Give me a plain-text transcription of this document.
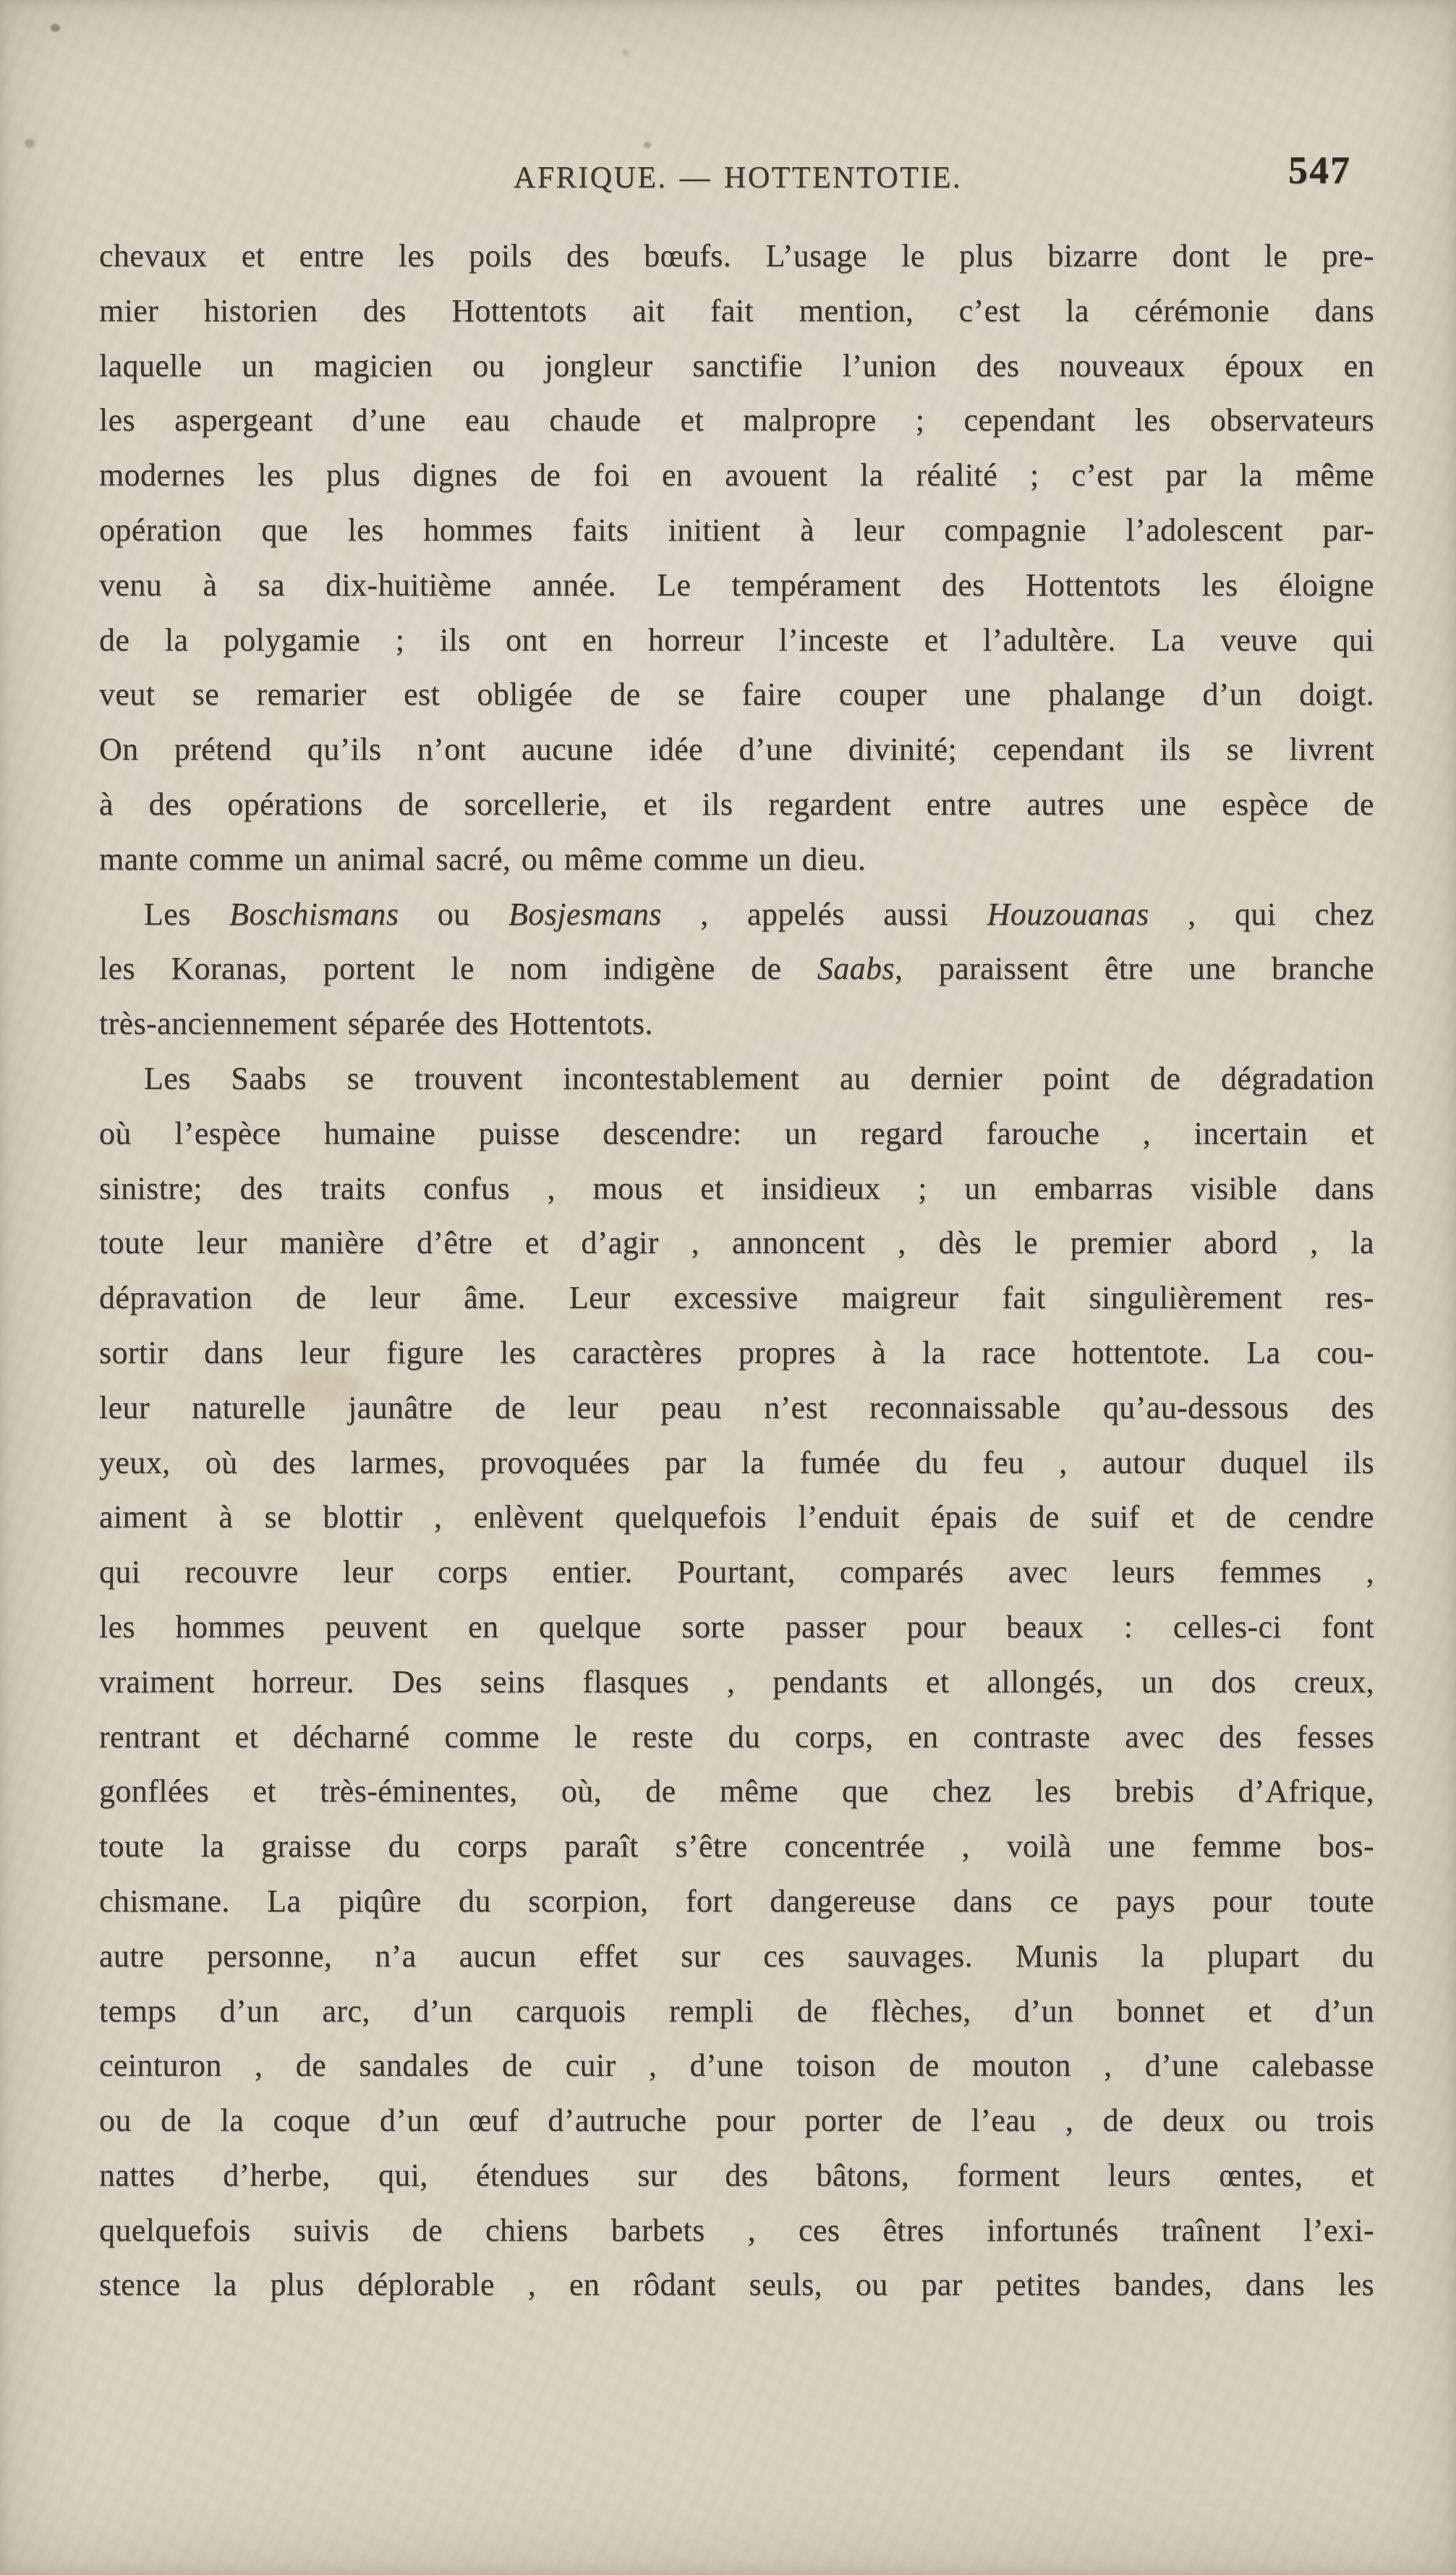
AFRIQUE. — HOTTENTOTIE.	547
chevaux et entre les poils des bœufs. L’usage le plus bizarre dont le pre-
mier historien des Hottentots ait fait mention, c’est la cérémonie dans
laquelle un magicien ou jongleur sanctifie l’union des nouveaux époux en
les aspergeant d’une eau chaude et malpropre ; cependant les observateurs
modernes les plus dignes de foi en avouent la réalité ; c’est par la même
opération que les hommes faits initient à leur compagnie l’adolescent par-
venu à sa dix-huitième année. Le tempérament des Hottentots les éloigne
de la polygamie ; ils ont en horreur l’inceste et l’adultère. La veuve qui
veut se remarier est obligée de se faire couper une phalange d’un doigt.
On prétend qu’ils n’ont aucune idée d’une divinité; cependant ils se livrent
à des opérations de sorcellerie, et ils regardent entre autres une espèce de
mante comme un animal sacré, ou même comme un dieu.
Les Boschismans ou Bosjesmans , appelés aussi Houzouanas , qui chez
les Koranas, portent le nom indigène de Saabs, paraissent être une branche
très-anciennement séparée des Hottentots.
Les Saabs se trouvent incontestablement au dernier point de dégradation
où l’espèce humaine puisse descendre: un regard farouche , incertain et
sinistre; des traits confus , mous et insidieux ; un embarras visible dans
toute leur manière d’être et d’agir , annoncent , dès le premier abord , la
dépravation de leur âme. Leur excessive maigreur fait singulièrement res-
sortir dans leur figure les caractères propres à la race hottentote. La cou-
leur naturelle jaunâtre de leur peau n’est reconnaissable qu’au-dessous des
yeux, où des larmes, provoquées par la fumée du feu , autour duquel ils
aiment à se blottir , enlèvent quelquefois l’enduit épais de suif et de cendre
qui recouvre leur corps entier. Pourtant, comparés avec leurs femmes ,
les hommes peuvent en quelque sorte passer pour beaux : celles-ci font
vraiment horreur. Des seins flasques , pendants et allongés, un dos creux,
rentrant et décharné comme le reste du corps, en contraste avec des fesses
gonflées et très-éminentes, où, de même que chez les brebis d’Afrique,
toute la graisse du corps paraît s’être concentrée , voilà une femme bos-
chismane. La piqûre du scorpion, fort dangereuse dans ce pays pour toute
autre personne, n’a aucun effet sur ces sauvages. Munis la plupart du
temps d’un arc, d’un carquois rempli de flèches, d’un bonnet et d’un
ceinturon , de sandales de cuir , d’une toison de mouton , d’une calebasse
ou de la coque d’un œuf d’autruche pour porter de l’eau , de deux ou trois
nattes d’herbe, qui, étendues sur des bâtons, forment leurs œntes, et
quelquefois suivis de chiens barbets , ces êtres infortunés traînent l’exi-
stence la plus déplorable , en rôdant seuls, ou par petites bandes, dans les
